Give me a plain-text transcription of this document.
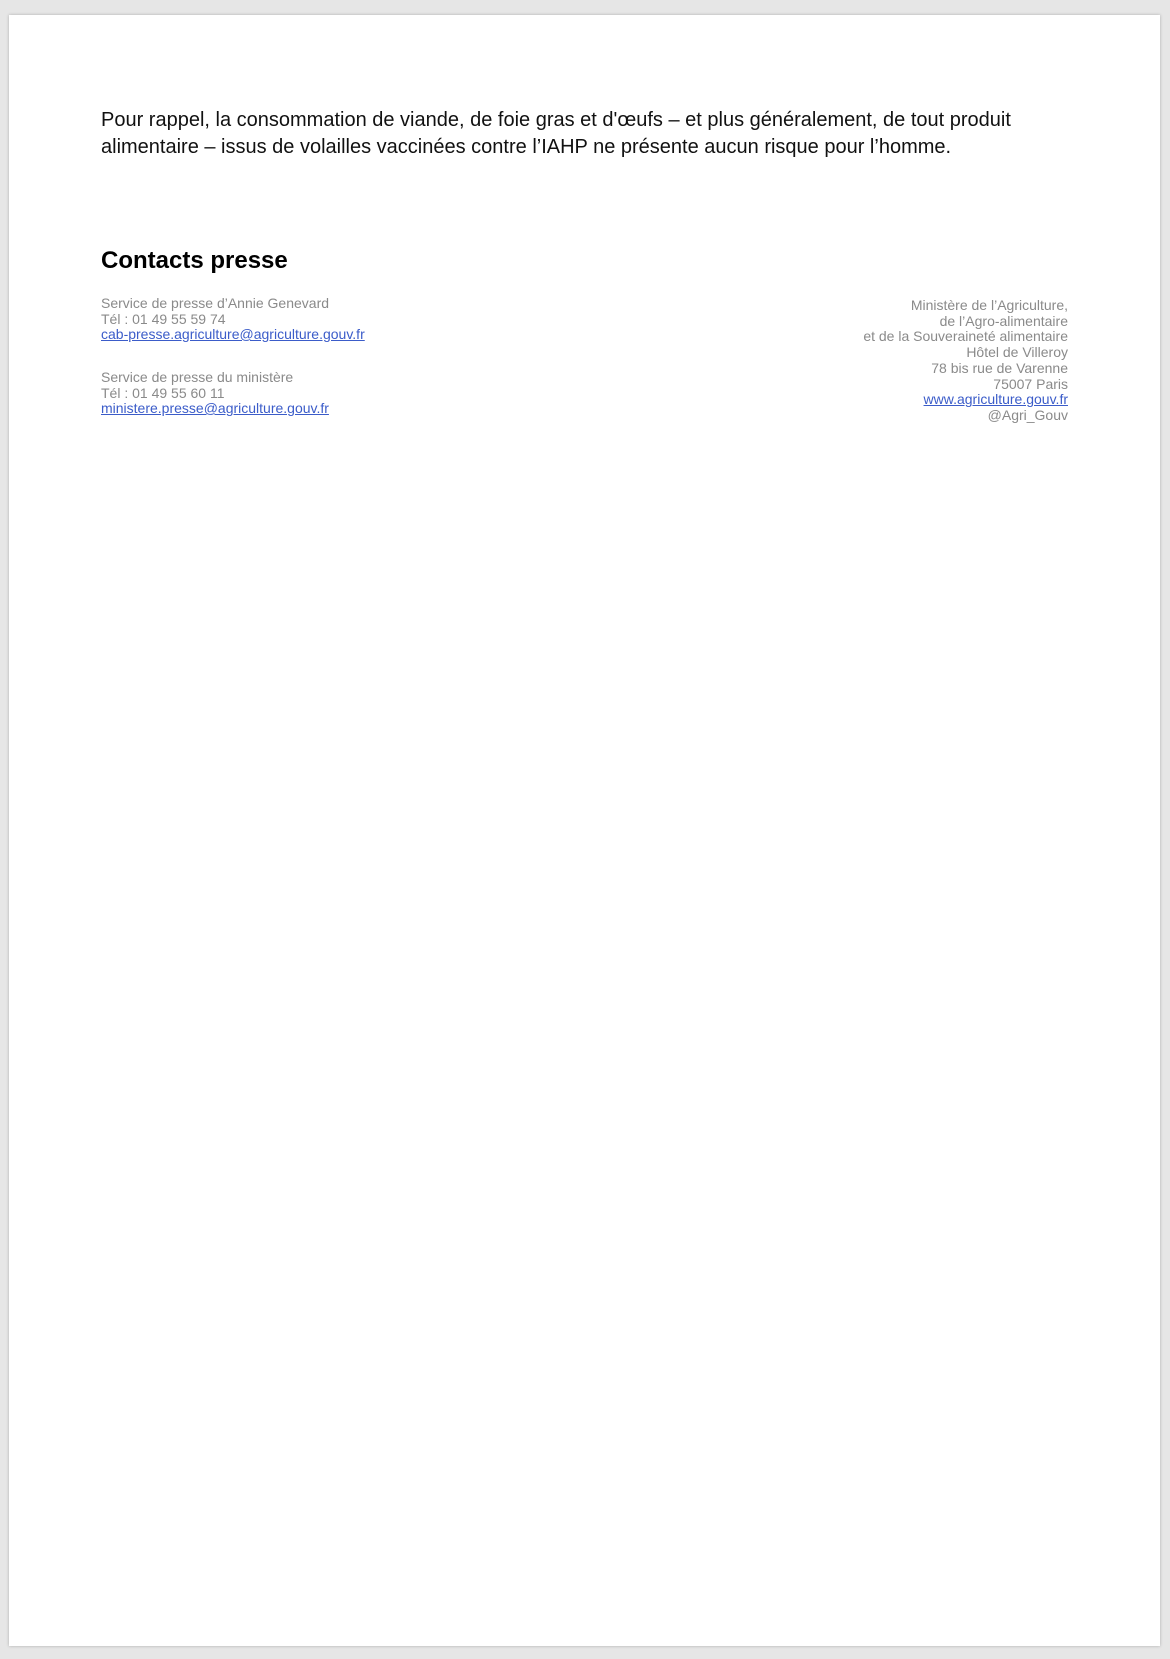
Pour rappel, la consommation de viande, de foie gras et d'œufs – et plus généralement, de tout produit alimentaire – issus de volailles vaccinées contre l’IAHP ne présente aucun risque pour l’homme.

Contacts presse
Service de presse d’Annie Genevard
Tél : 01 49 55 59 74
cab-presse.agriculture@agriculture.gouv.fr
Service de presse du ministère
Tél : 01 49 55 60 11
ministere.presse@agriculture.gouv.fr
Ministère de l’Agriculture,
de l’Agro-alimentaire
et de la Souveraineté alimentaire
Hôtel de Villeroy
78 bis rue de Varenne
75007 Paris
www.agriculture.gouv.fr
@Agri_Gouv
